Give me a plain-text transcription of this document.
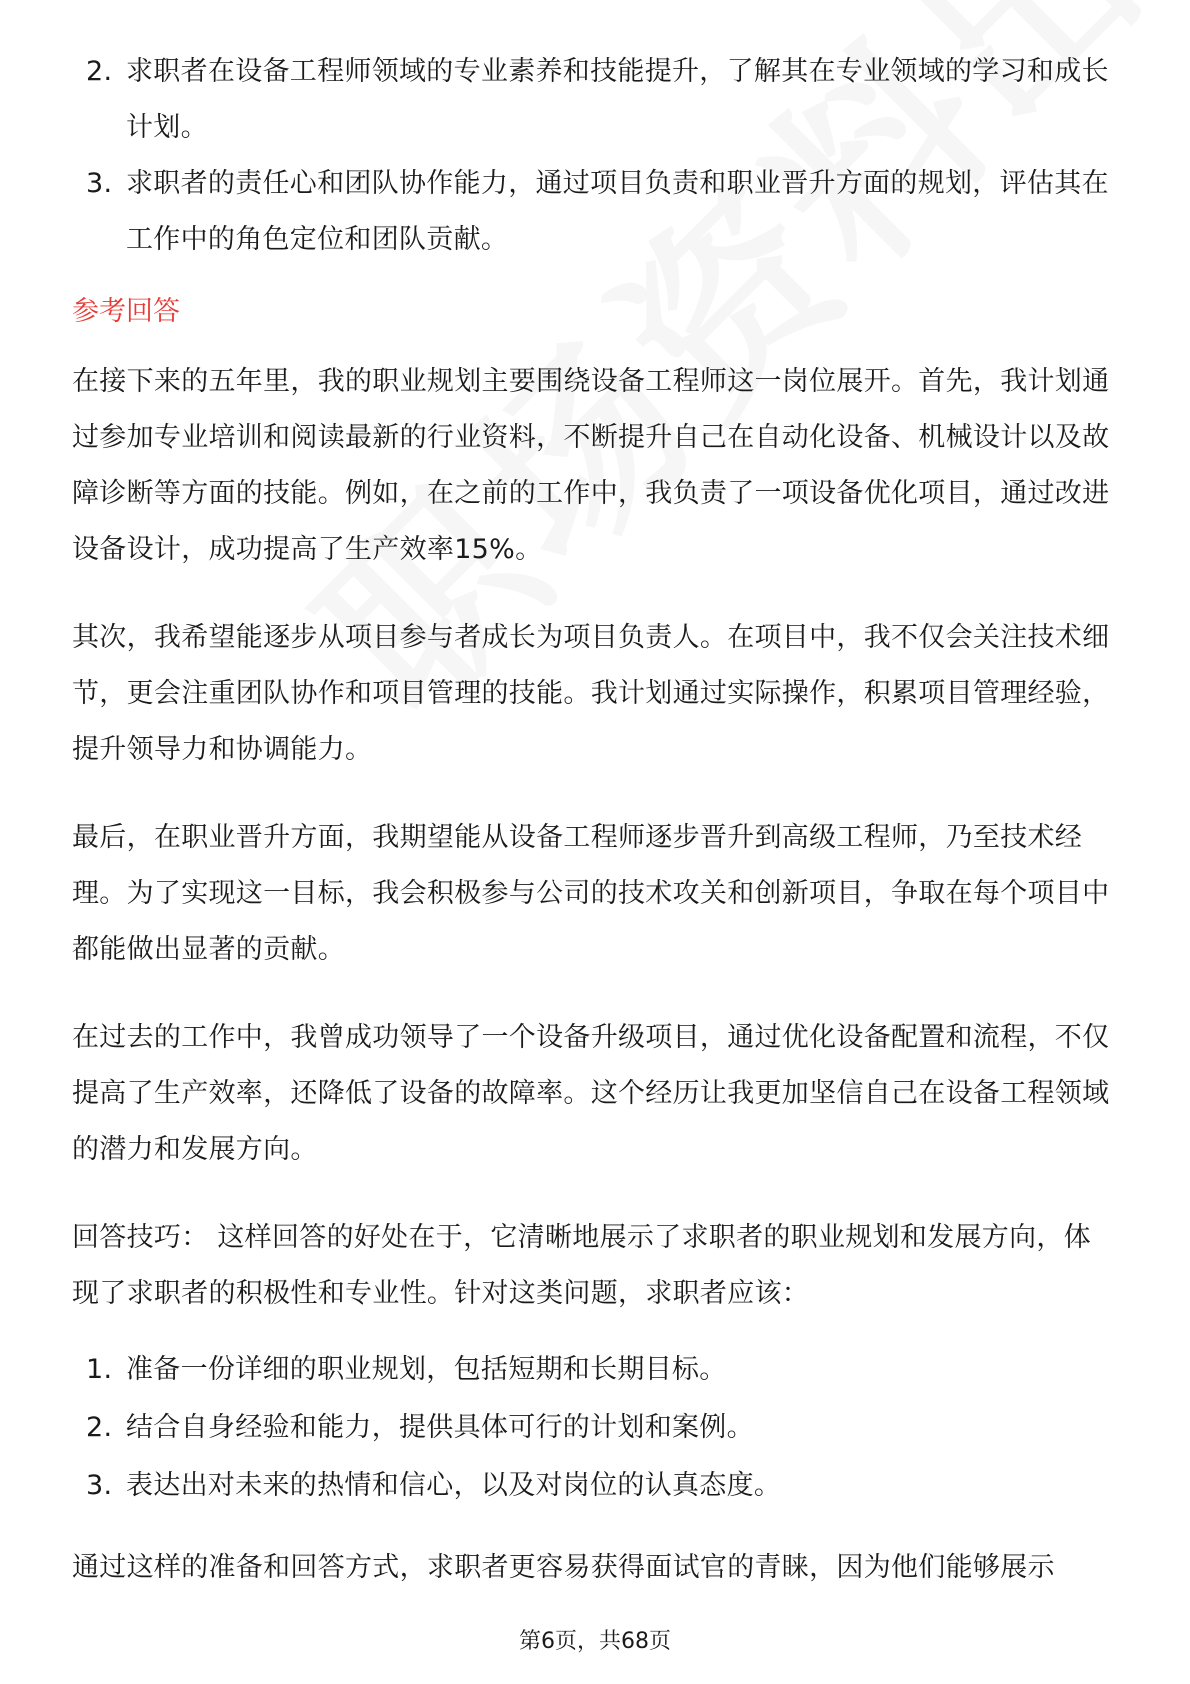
2. 求职者在设备工程师领域的专业素养和技能提升，了解其在专业领域的学习和成长计划。
3. 求职者的责任心和团队协作能力，通过项目负责和职业晋升方面的规划，评估其在工作中的角色定位和团队贡献。
参考回答

在接下来的五年里，我的职业规划主要围绕设备工程师这一岗位展开。首先，我计划通过参加专业培训和阅读最新的行业资料，不断提升自己在自动化设备、机械设计以及故障诊断等方面的技能。例如，在之前的工作中，我负责了一项设备优化项目，通过改进设备设计，成功提高了生产效率15%。

其次，我希望能逐步从项目参与者成长为项目负责人。在项目中，我不仅会关注技术细节，更会注重团队协作和项目管理的技能。我计划通过实际操作，积累项目管理经验，提升领导力和协调能力。

最后，在职业晋升方面，我期望能从设备工程师逐步晋升到高级工程师，乃至技术经理。为了实现这一目标，我会积极参与公司的技术攻关和创新项目，争取在每个项目中都能做出显著的贡献。

在过去的工作中，我曾成功领导了一个设备升级项目，通过优化设备配置和流程，不仅提高了生产效率，还降低了设备的故障率。这个经历让我更加坚信自己在设备工程领域的潜力和发展方向。

回答技巧： 这样回答的好处在于，它清晰地展示了求职者的职业规划和发展方向，体现了求职者的积极性和专业性。针对这类问题，求职者应该：

1. 准备一份详细的职业规划，包括短期和长期目标。
2. 结合自身经验和能力，提供具体可行的计划和案例。
3. 表达出对未来的热情和信心，以及对岗位的认真态度。

通过这样的准备和回答方式，求职者更容易获得面试官的青睐，因为他们能够展示

第6页，共68页
